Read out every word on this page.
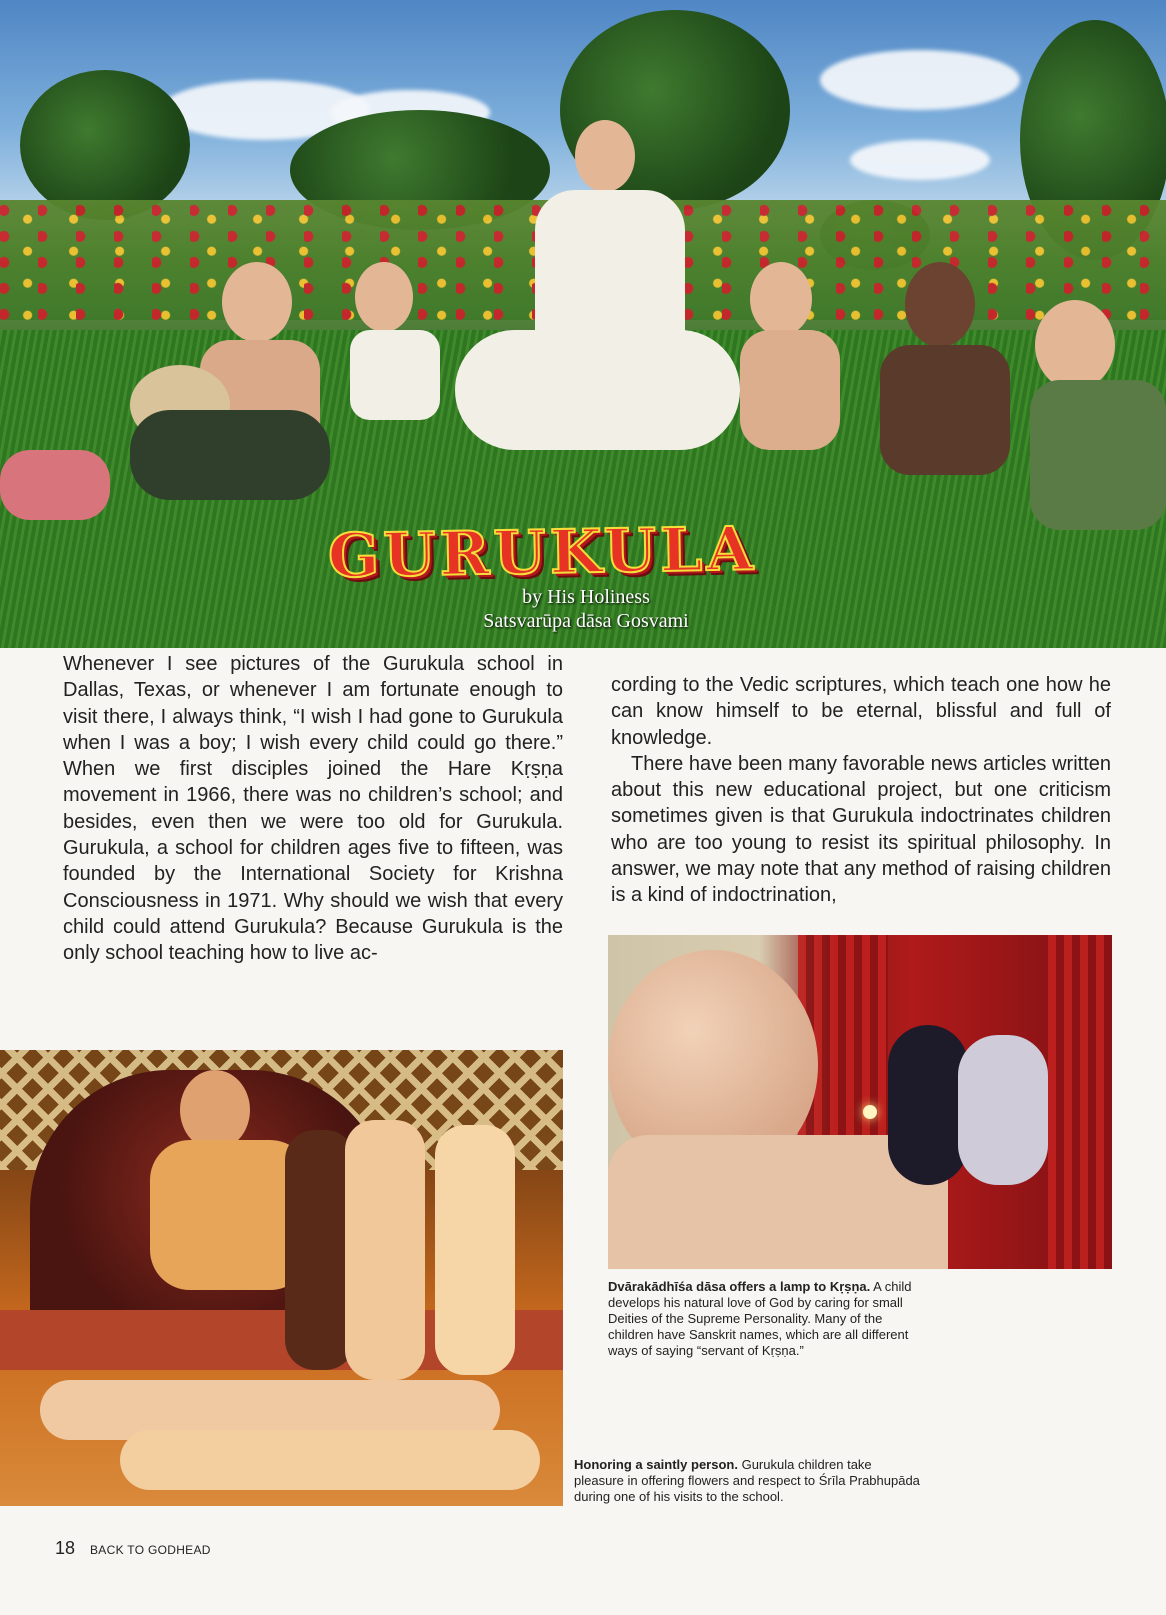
GURUKULA

by His Holiness
Satsvarūpa dāsa Gosvami

Whenever I see pictures of the Gurukula school in Dallas, Texas, or whenever I am fortunate enough to visit there, I always think, “I wish I had gone to Gurukula when I was a boy; I wish every child could go there.” When we first disciples joined the Hare Kṛṣṇa movement in 1966, there was no children’s school; and besides, even then we were too old for Gurukula. Gurukula, a school for children ages five to fifteen, was founded by the International Society for Krishna Consciousness in 1971. Why should we wish that every child could attend Gurukula? Because Gurukula is the only school teaching how to live ac-

cording to the Vedic scriptures, which teach one how he can know himself to be eternal, blissful and full of knowledge.

There have been many favorable news articles written about this new educational project, but one criticism sometimes given is that Gurukula indoctrinates children who are too young to resist its spiritual philosophy. In answer, we may note that any method of raising children is a kind of indoctrination,

Dvārakādhīśa dāsa offers a lamp to Kṛṣṇa. A child develops his natural love of God by caring for small Deities of the Supreme Personality. Many of the children have Sanskrit names, which are all different ways of saying “servant of Kṛṣṇa.”

Honoring a saintly person. Gurukula children take pleasure in offering flowers and respect to Śrīla Prabhupāda during one of his visits to the school.

18 BACK TO GODHEAD
